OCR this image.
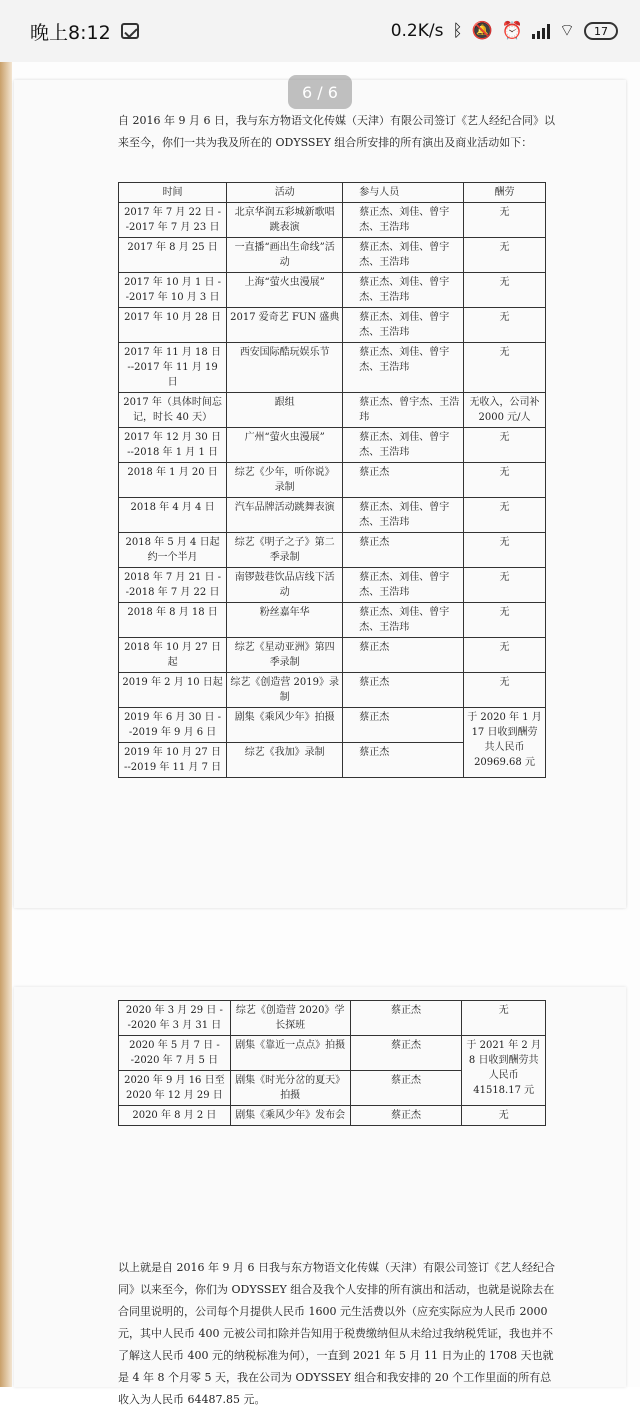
晚上8:12	0.2K/s ᛒ 🔕 ⏰ ⌔ 17
6 / 6
自 2016 年 9 月 6 日，我与东方物语文化传媒（天津）有限公司签订《艺人经纪合同》以来至今，你们一共为我及所在的 ODYSSEY 组合所安排的所有演出及商业活动如下：
时间	活动	参与人员	酬劳
2017 年 7 月 22 日 --2017 年 7 月 23 日	北京华润五彩城新歌唱跳表演	蔡正杰、刘佳、曾宇杰、王浩玮	无
2017 年 8 月 25 日	一直播“画出生命线”活动	蔡正杰、刘佳、曾宇杰、王浩玮	无
2017 年 10 月 1 日 --2017 年 10 月 3 日	上海“萤火虫漫展”	蔡正杰、刘佳、曾宇杰、王浩玮	无
2017 年 10 月 28 日	2017 爱奇艺 FUN 盛典	蔡正杰、刘佳、曾宇杰、王浩玮	无
2017 年 11 月 18 日 --2017 年 11 月 19 日	西安国际酷玩娱乐节	蔡正杰、刘佳、曾宇杰、王浩玮	无
2017 年（具体时间忘记，时长 40 天）	跟组	蔡正杰、曾宇杰、王浩玮	无收入，公司补 2000 元/人
2017 年 12 月 30 日 --2018 年 1 月 1 日	广州“萤火虫漫展”	蔡正杰、刘佳、曾宇杰、王浩玮	无
2018 年 1 月 20 日	综艺《少年，听你说》录制	蔡正杰	无
2018 年 4 月 4 日	汽车品牌活动跳舞表演	蔡正杰、刘佳、曾宇杰、王浩玮	无
2018 年 5 月 4 日起约一个半月	综艺《明子之子》第二季录制	蔡正杰	无
2018 年 7 月 21 日 --2018 年 7 月 22 日	南锣鼓巷饮品店线下活动	蔡正杰、刘佳、曾宇杰、王浩玮	无
2018 年 8 月 18 日	粉丝嘉年华	蔡正杰、刘佳、曾宇杰、王浩玮	无
2018 年 10 月 27 日起	综艺《星动亚洲》第四季录制	蔡正杰	无
2019 年 2 月 10 日起	综艺《创造营 2019》录制	蔡正杰	无
2019 年 6 月 30 日 --2019 年 9 月 6 日	剧集《乘风少年》拍摄	蔡正杰	于 2020 年 1 月 17 日收到酬劳共人民币 20969.68 元
2019 年 10 月 27 日 --2019 年 11 月 7 日	综艺《我加》录制	蔡正杰	
2020 年 3 月 29 日 --2020 年 3 月 31 日	综艺《创造营 2020》学长探班	蔡正杰	无
2020 年 5 月 7 日 --2020 年 7 月 5 日	剧集《靠近一点点》拍摄	蔡正杰	于 2021 年 2 月 8 日收到酬劳共人民币 41518.17 元
2020 年 9 月 16 日至 2020 年 12 月 29 日	剧集《时光分岔的夏天》拍摄	蔡正杰	
2020 年 8 月 2 日	剧集《乘风少年》发布会	蔡正杰	无
以上就是自 2016 年 9 月 6 日我与东方物语文化传媒（天津）有限公司签订《艺人经纪合同》以来至今，你们为 ODYSSEY 组合及我个人安排的所有演出和活动，也就是说除去在合同里说明的，公司每个月提供人民币 1600 元生活费以外（应充实际应为人民币 2000 元，其中人民币 400 元被公司扣除并告知用于税费缴纳但从未给过我纳税凭证，我也并不了解这人民币 400 元的纳税标准为何），一直到 2021 年 5 月 11 日为止的 1708 天也就是 4 年 8 个月零 5 天，我在公司为 ODYSSEY 组合和我安排的 20 个工作里面的所有总收入为人民币 64487.85 元。
